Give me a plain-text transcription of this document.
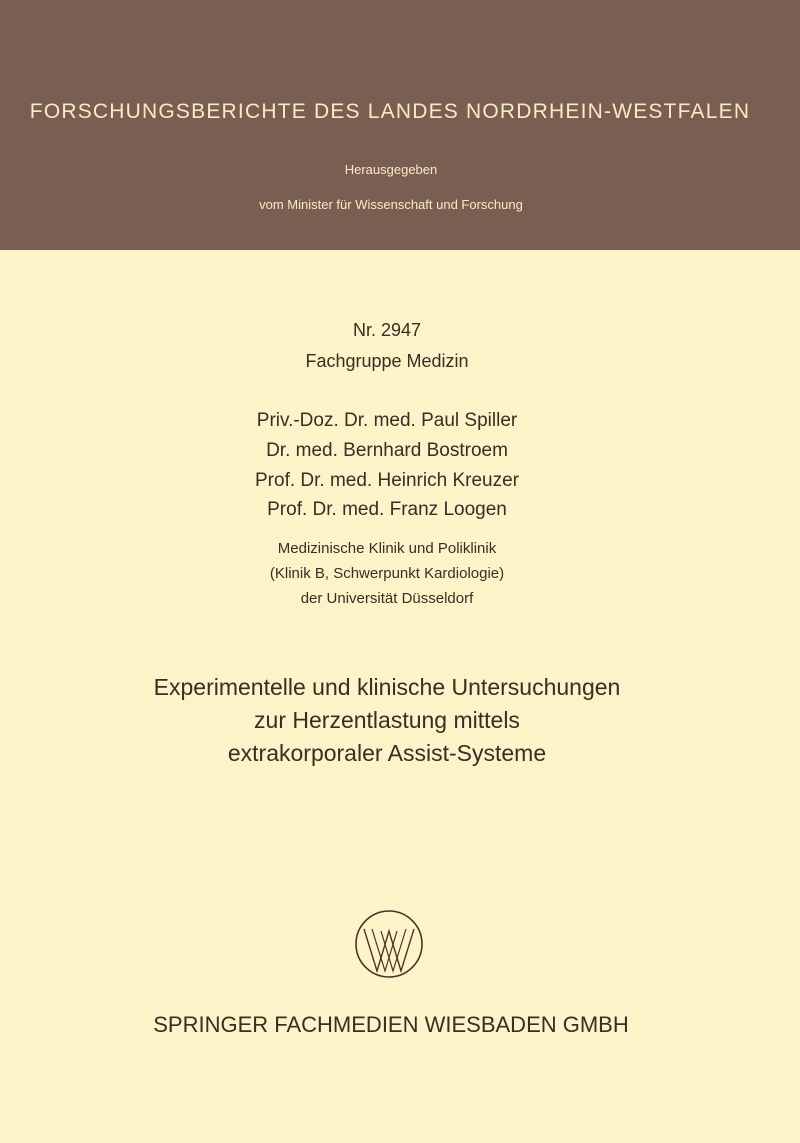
FORSCHUNGSBERICHTE DES LANDES NORDRHEIN-WESTFALEN
Herausgegeben
vom Minister für Wissenschaft und Forschung
Nr. 2947
Fachgruppe Medizin
Priv.-Doz. Dr. med. Paul Spiller
Dr. med. Bernhard Bostroem
Prof. Dr. med. Heinrich Kreuzer
Prof. Dr. med. Franz Loogen
Medizinische Klinik und Poliklinik
(Klinik B, Schwerpunkt Kardiologie)
der Universität Düsseldorf
Experimentelle und klinische Untersuchungen
zur Herzentlastung mittels
extrakorporaler Assist-Systeme
SPRINGER FACHMEDIEN WIESBADEN GMBH
